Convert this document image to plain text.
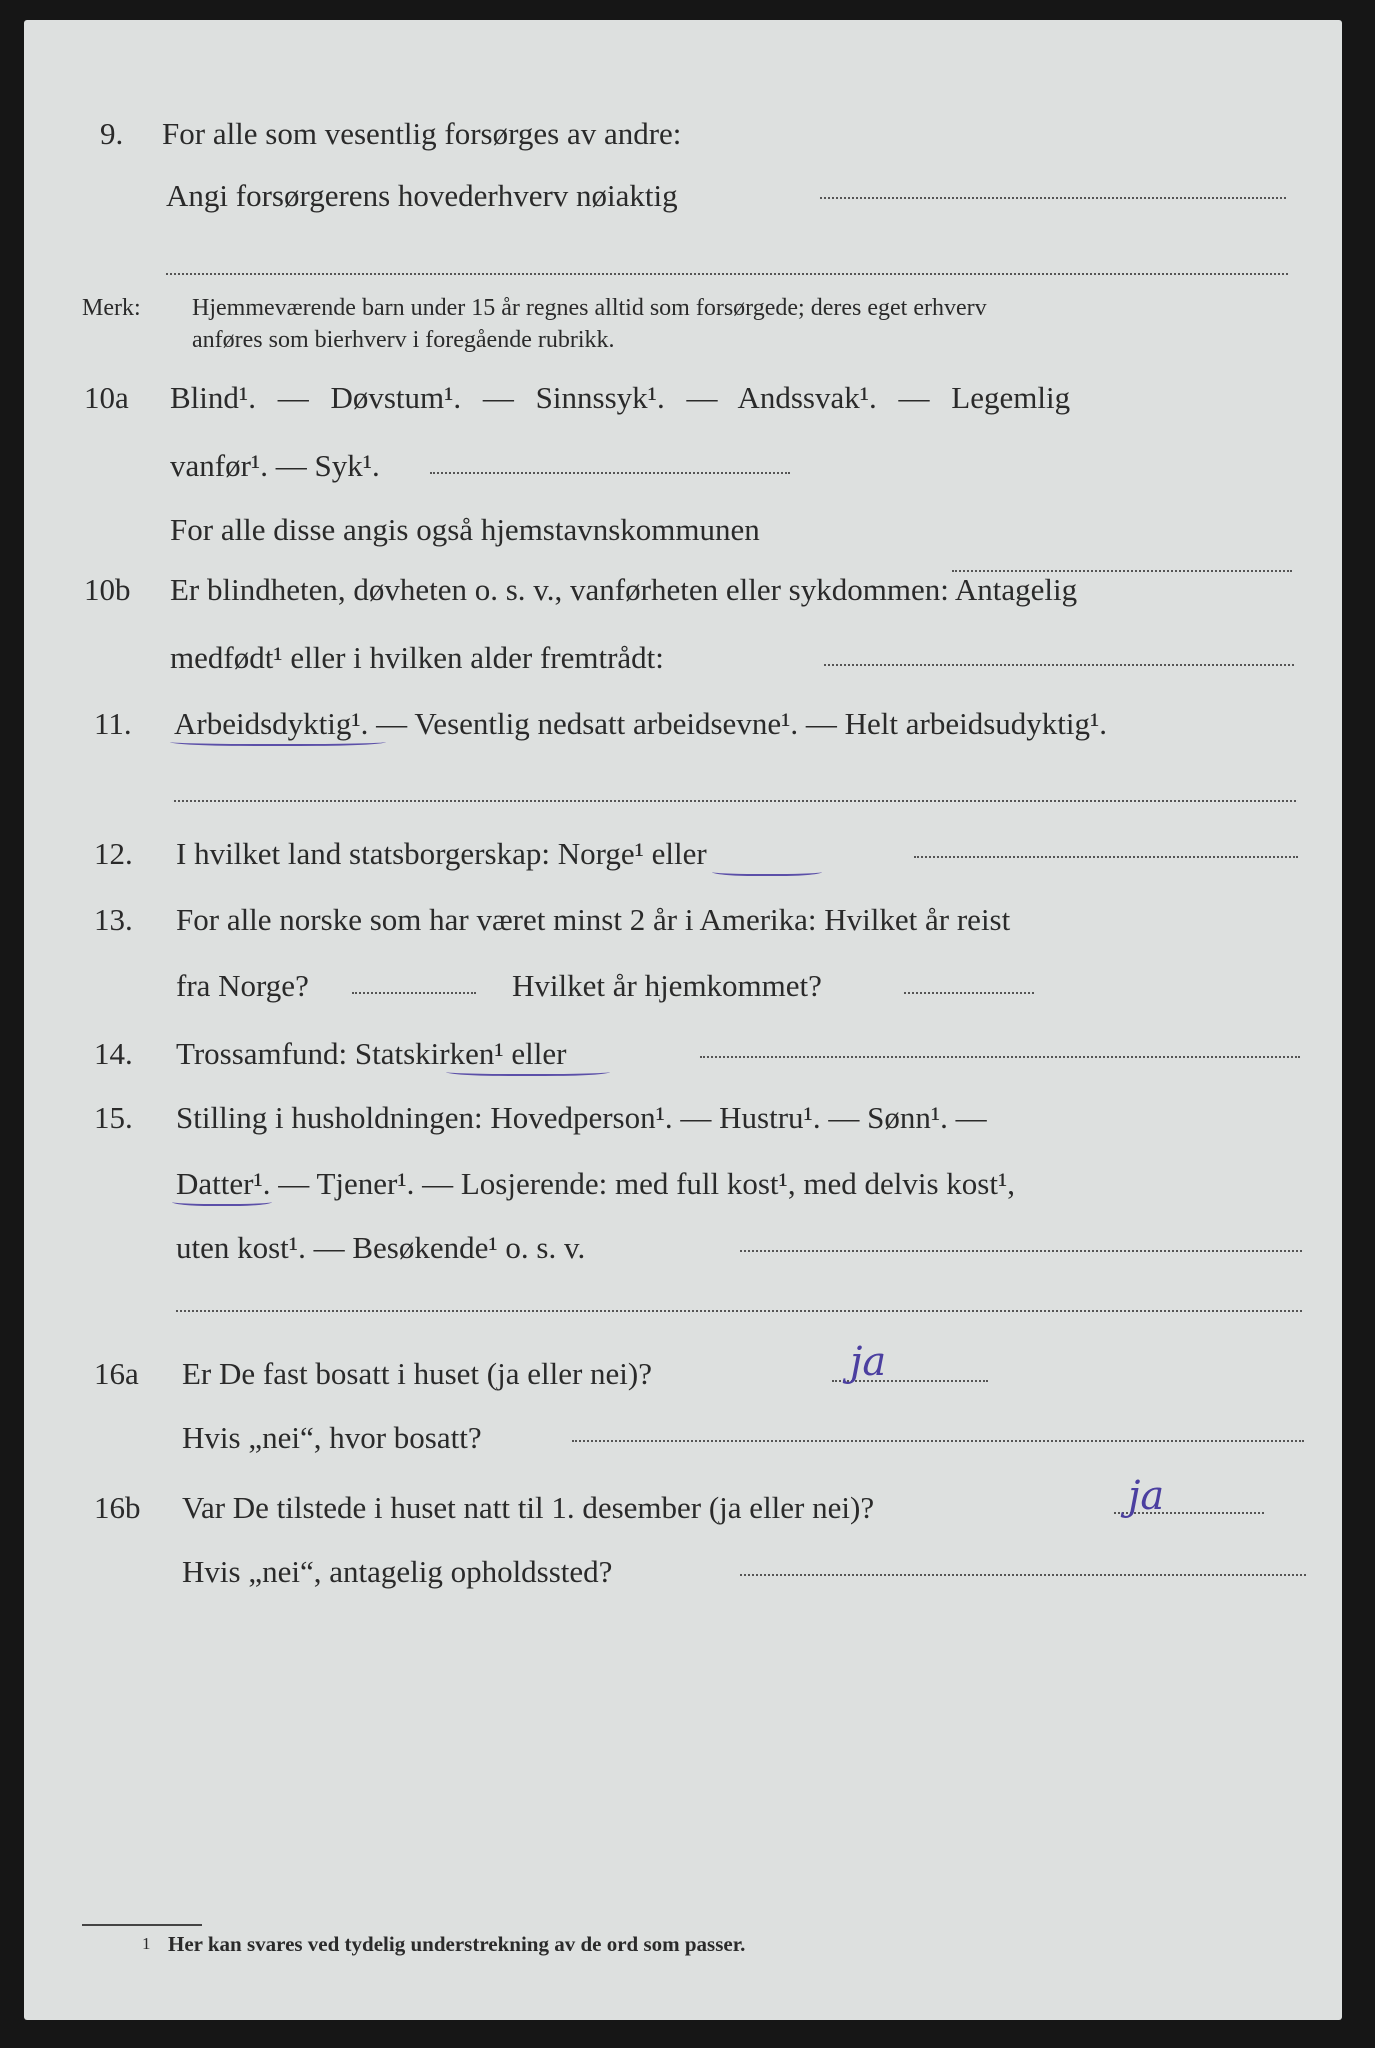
9. For alle som vesentlig forsørges av andre:
Angi forsørgerens hovederhverv nøiaktig
Merk: Hjemmeværende barn under 15 år regnes alltid som forsørgede; deres eget erhverv
anføres som bierhverv i foregående rubrikk.
10a Blind¹. — Døvstum¹. — Sinnssyk¹. — Andssvak¹. — Legemlig
vanfør¹. — Syk¹.
For alle disse angis også hjemstavnskommunen
10b Er blindheten, døvheten o. s. v., vanførheten eller sykdommen: Antagelig
medfødt¹ eller i hvilken alder fremtrådt:
11. Arbeidsdyktig¹. — Vesentlig nedsatt arbeidsevne¹. — Helt arbeidsudyktig¹.
12. I hvilket land statsborgerskap: Norge¹ eller
13. For alle norske som har været minst 2 år i Amerika: Hvilket år reist
fra Norge?	Hvilket år hjemkommet?
14. Trossamfund: Statskirken¹ eller
15. Stilling i husholdningen: Hovedperson¹. — Hustru¹. — Sønn¹. —
Datter¹. — Tjener¹. — Losjerende: med full kost¹, med delvis kost¹,
uten kost¹. — Besøkende¹ o. s. v.
16a Er De fast bosatt i huset (ja eller nei)?	ja
Hvis „nei“, hvor bosatt?
16b Var De tilstede i huset natt til 1. desember (ja eller nei)?	ja
Hvis „nei“, antagelig opholdssted?
1 Her kan svares ved tydelig understrekning av de ord som passer.
